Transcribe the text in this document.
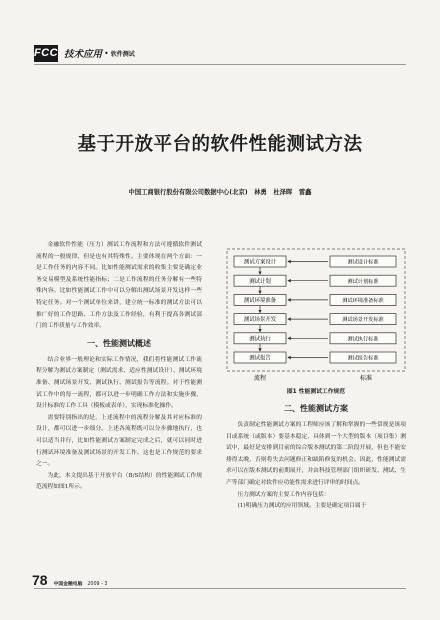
FCC 技术应用 • 软件测试
基于开放平台的软件性能测试方法
中国工商银行股份有限公司数据中心(北京) 林勇 杜泽晖 雷鑫

金融软件性能（压力）测试工作流程和方法可遵循软件测试流程的一般规律，但是也有其特殊性。主要体现在两个方面：一是工作任务的内容不同。比如性能测试需求的收集主要是确定业务交易模型及系统性能指标；二是工作流程的任务分解有一些特殊内容。比如性能测试工作中可以分解出测试场景开发这样一些特定任务。对一个测试单位来讲，建立统一标准的测试方法可以推广好的工作思路、工作方法及工作经验，有利于提高各测试部门的工作质量与工作效率。

一、性能测试概述

结合业界一般理论和实际工作情况，我们将性能测试工作流程分解为测试方案制定（测试需求、适应性测试设计）、测试环境准备、测试场景开发、测试执行、测试报告等流程。对于性能测试工作中的每一流程，都可以进一步明确工作方法和实施步骤，设计标准的工作工具（模板或表单），实现标准化操作。

需要特别指出的是，上述流程中的流程分解及其对应标准的设计，都可以进一步细分。上述各流程既可以分步骤地执行，也可以适当并行，比如性能测试方案制定完成之后，就可以同时进行测试环境准备及测试场景的开发工作。这也是工作规范的要求之一。

为此，本文提出基于开放平台（B/S结构）的性能测试工作规范流程如图1所示。

测试方案设计
测试计划
测试环境准备
测试场景开发
测试执行
测试报告
测试设计标准
测试计划标准
测试环境准备标准
测试场景开发标准
测试执行标准
测试报告标准
流程	标准
图1 性能测试工作规范
二、性能测试方案

负责制定性能测试方案的工程师应该了解和掌握的一些常规是该项目或系统（或版本）要基本稳定，具体到一个大型的版本（项目集）测试中，最好是安排到目前的综合版本测试的第二阶段开展，但也不能安排得太晚，否则将失去问题修正和缺陷修复的机会。因此，性能测试需求可以在版本测试的前期展开，并由科技管理部门组织研发、测试、生产等部门确定对软件应功能性需求进行评审的时间点。

压力测试方案的主要工作内容包括：

(1)明确压力测试的应用领域。主要是确定项目属于

78 中国金融电脑 2009・3
